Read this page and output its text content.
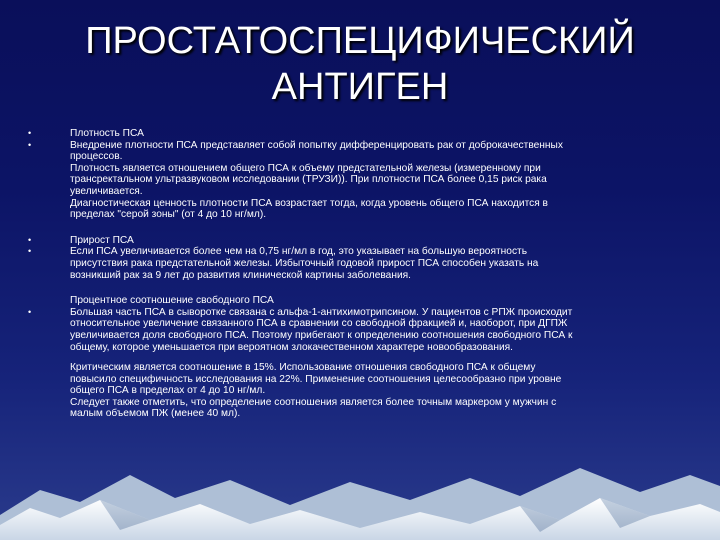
ПРОСТАТОСПЕЦИФИЧЕСКИЙ
АНТИГЕН
•	Плотность ПСА
•	Внедрение плотности ПСА представляет собой попытку дифференцировать рак от доброкачественных
процессов.
Плотность является отношением общего ПСА к объему предстательной железы (измеренному при
трансректальном ультразвуковом исследовании (ТРУЗИ)). При плотности ПСА более 0,15 риск рака
увеличивается.
Диагностическая ценность плотности ПСА возрастает тогда, когда уровень общего ПСА находится в
пределах "серой зоны" (от 4 до 10 нг/мл).
•	Прирост ПСА
•	Если ПСА увеличивается более чем на 0,75 нг/мл в год, это указывает на большую вероятность
присутствия рака предстательной железы. Избыточный годовой прирост ПСА способен указать на
возникший рак за 9 лет до развития клинической картины заболевания.
Процентное соотношение свободного ПСА
•	Большая часть ПСА в сыворотке связана с альфа-1-антихимотрипсином. У пациентов с РПЖ происходит
относительное увеличение связанного ПСА в сравнении со свободной фракцией и, наоборот, при ДГПЖ
увеличивается доля свободного ПСА. Поэтому прибегают к определению соотношения свободного ПСА к
общему, которое уменьшается при вероятном злокачественном характере новообразования.
Критическим является соотношение в 15%. Использование отношения свободного ПСА к общему
повысило специфичность исследования на 22%. Применение соотношения целесообразно при уровне
общего ПСА в пределах от 4 до 10 нг/мл.
Следует также отметить, что определение соотношения является более точным маркером у мужчин с
малым объемом ПЖ (менее 40 мл).
